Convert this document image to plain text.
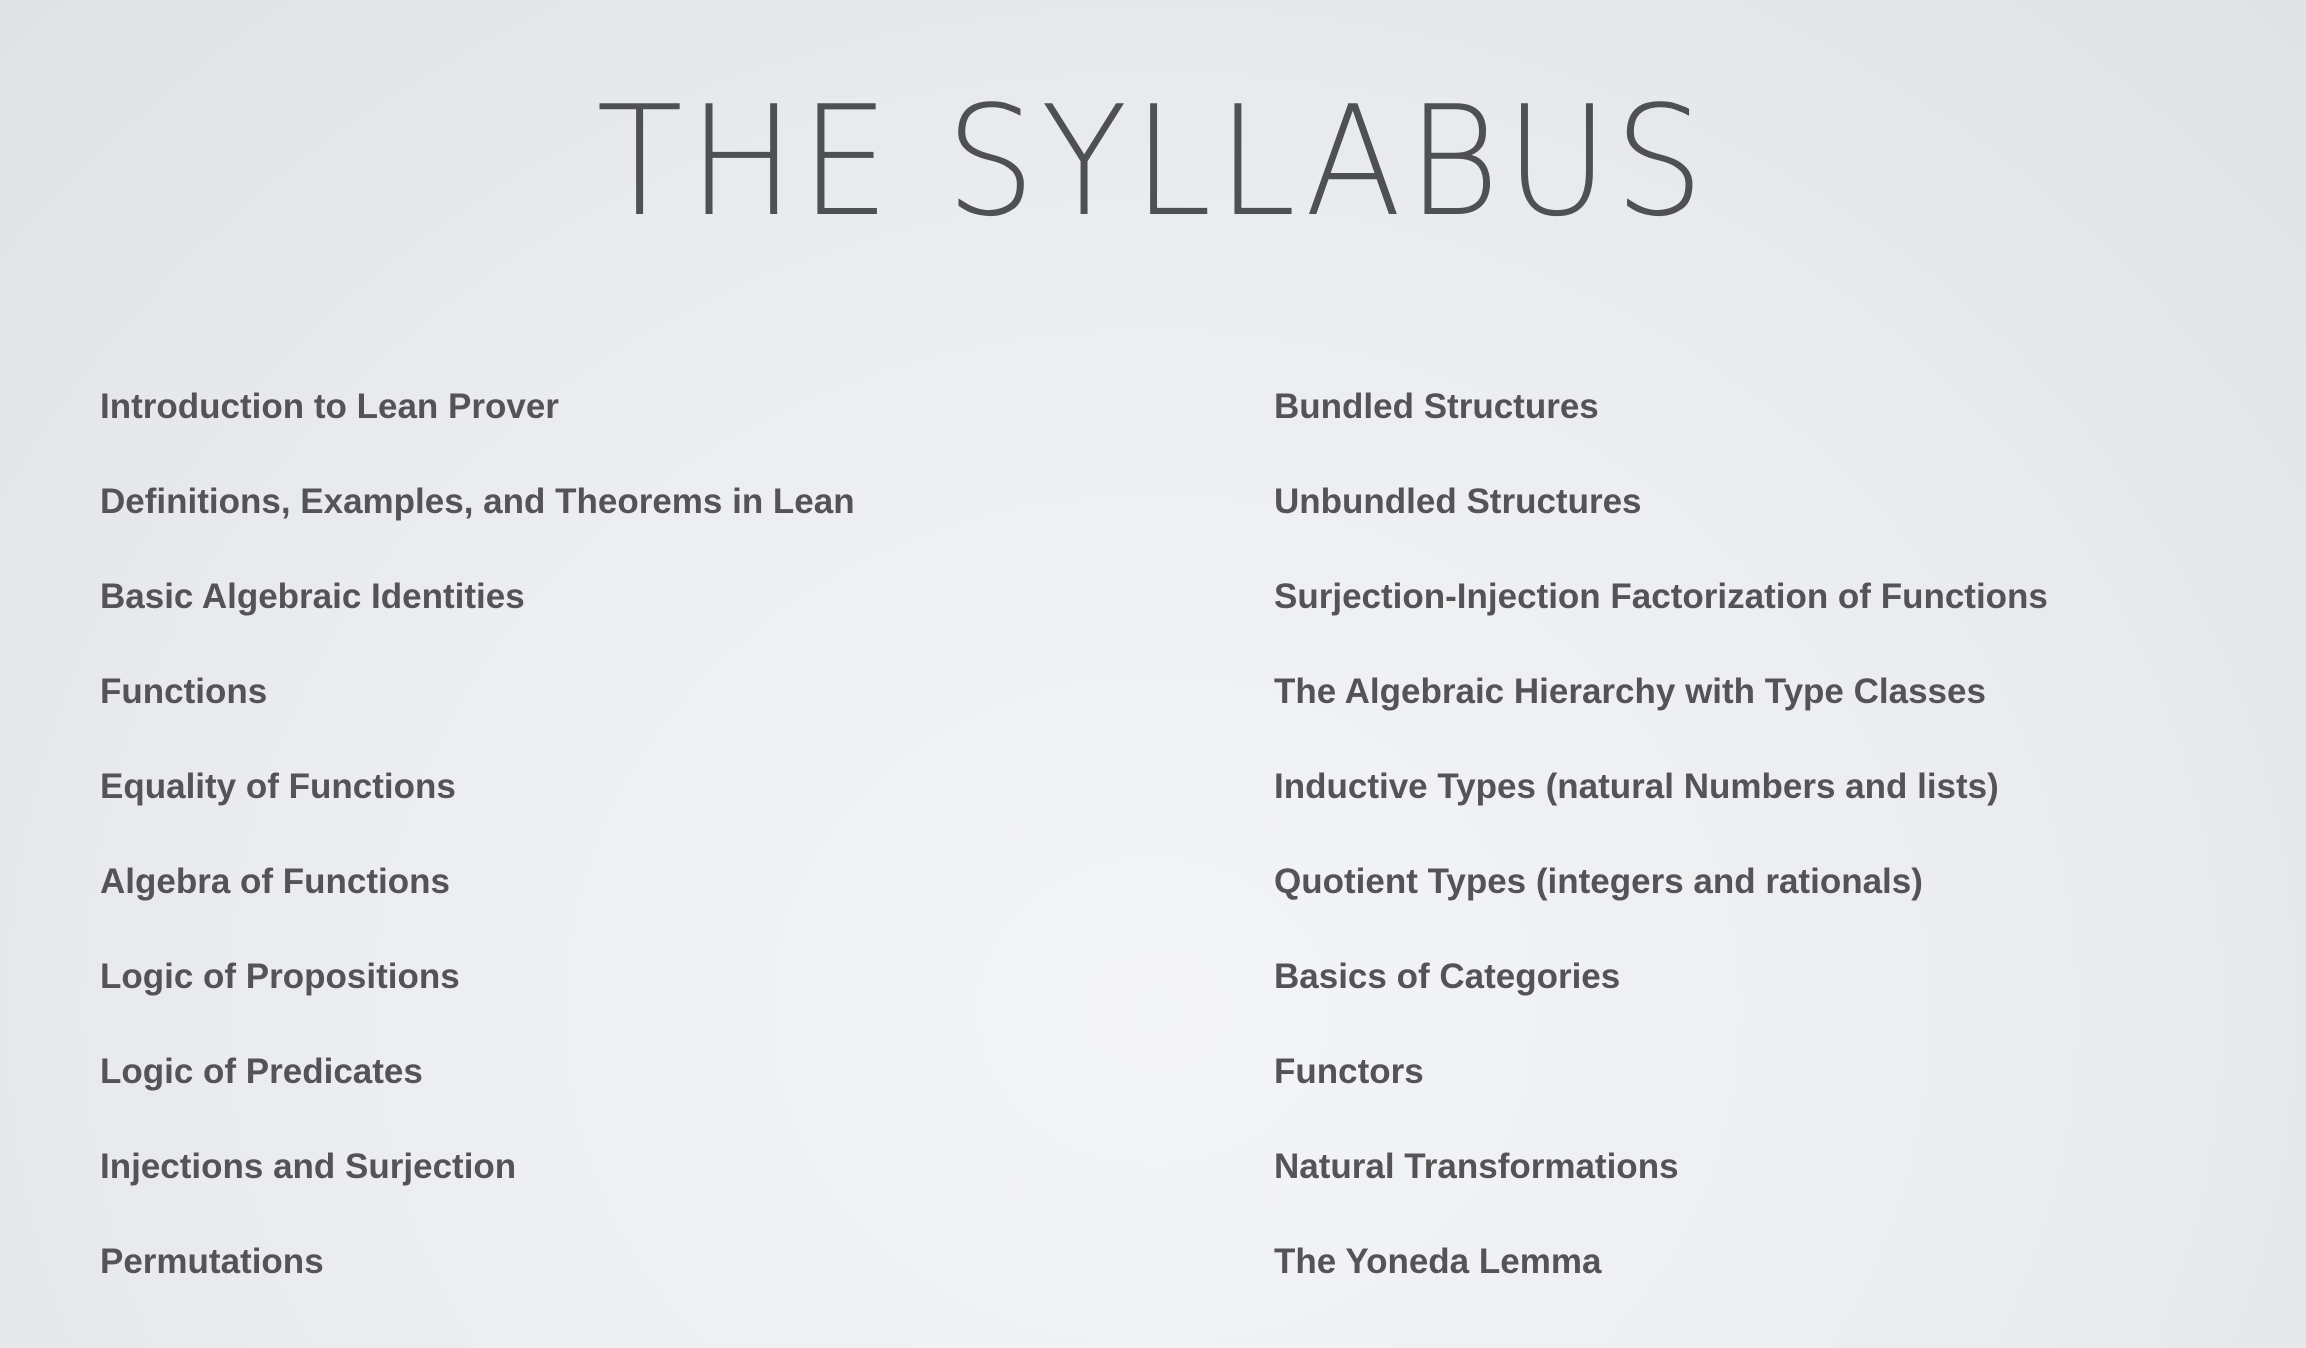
THE SYLLABUS
Introduction to Lean Prover
Definitions, Examples, and Theorems in Lean
Basic Algebraic Identities
Functions
Equality of Functions
Algebra of Functions
Logic of Propositions
Logic of Predicates
Injections and Surjection
Permutations
Bundled Structures
Unbundled Structures
Surjection-Injection Factorization of Functions
The Algebraic Hierarchy with Type Classes
Inductive Types (natural Numbers and lists)
Quotient Types (integers and rationals)
Basics of Categories
Functors
Natural Transformations
The Yoneda Lemma
